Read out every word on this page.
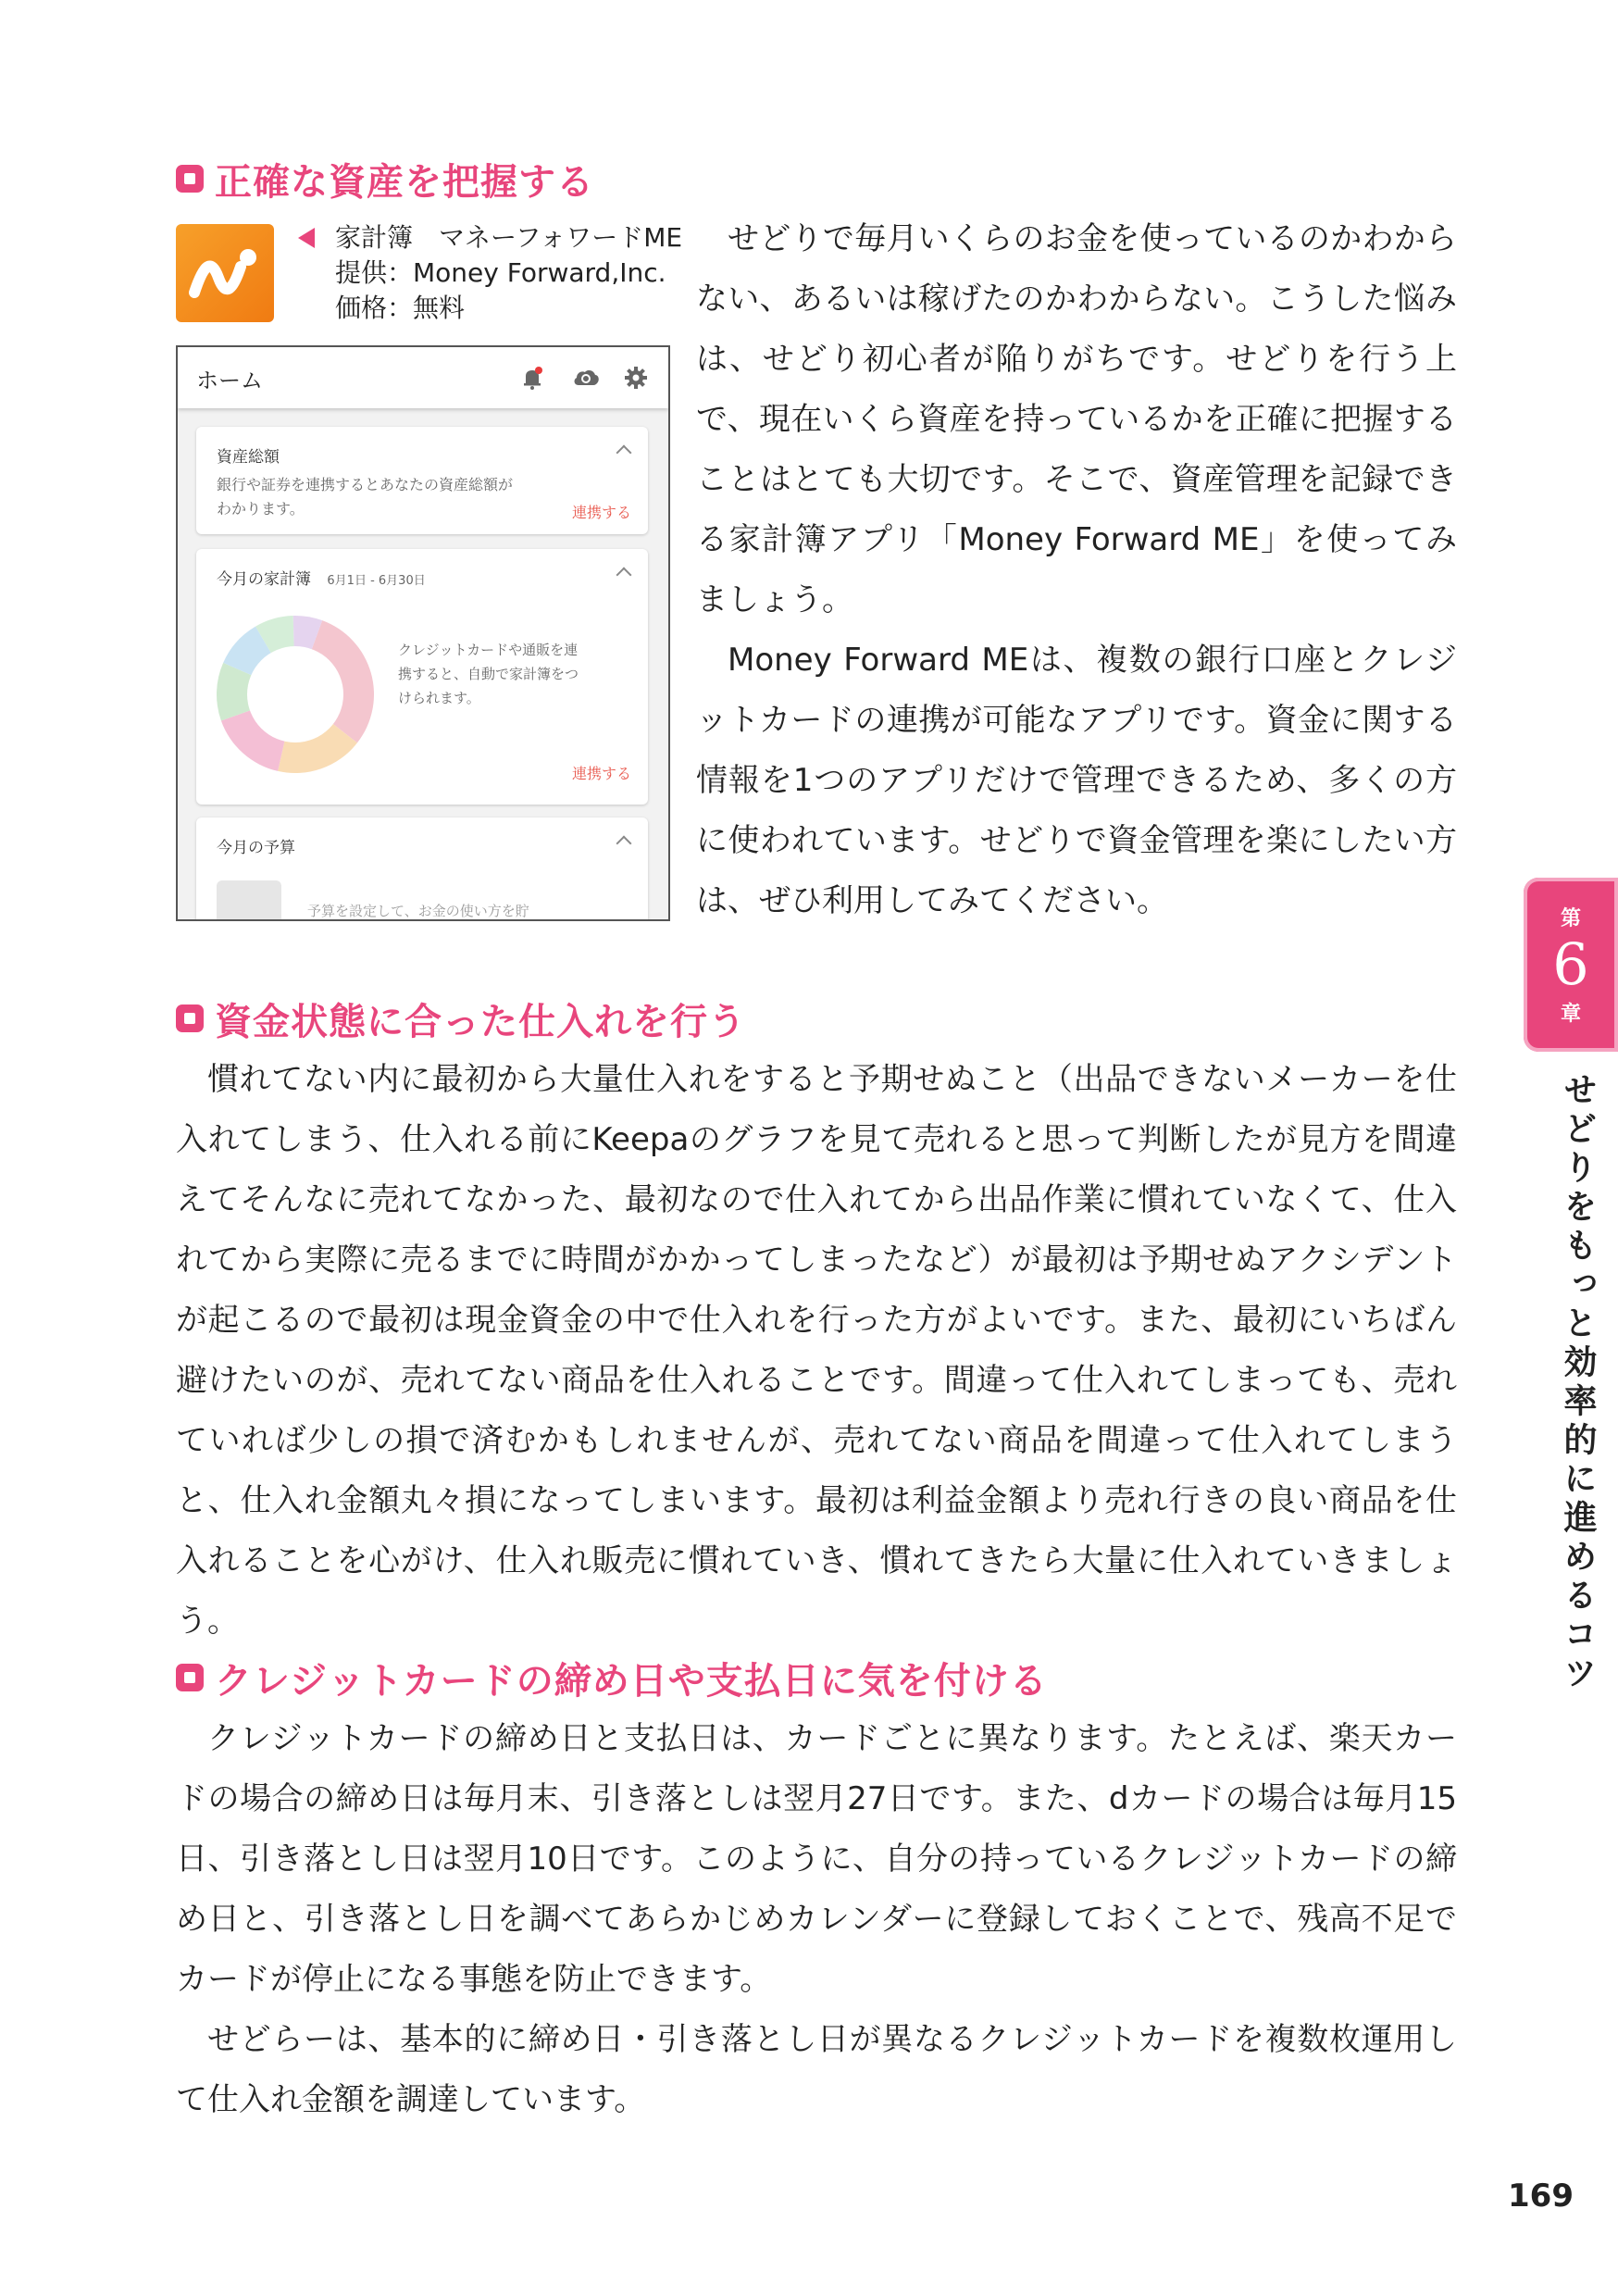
正確な資産を把握する
家計簿　マネーフォワードME
提供：Money Forward,Inc.
価格：無料
ホーム
資産総額
銀行や証券を連携するとあなたの資産総額が
わかります。	連携する
今月の家計簿 6月1日 - 6月30日
クレジットカードや通販を連
携すると、自動で家計簿をつ
けられます。
連携する
今月の予算
予算を設定して、お金の使い方を貯

せどりで毎月いくらのお金を使っているのかわからない、あるいは稼げたのかわからない。こうした悩みは、せどり初心者が陥りがちです。せどりを行う上で、現在いくら資産を持っているかを正確に把握することはとても大切です。そこで、資産管理を記録できる家計簿アプリ「Money Forward ME」を使ってみましょう。

Money Forward MEは、複数の銀行口座とクレジットカードの連携が可能なアプリです。資金に関する情報を1つのアプリだけで管理できるため、多くの方に使われています。せどりで資金管理を楽にしたい方は、ぜひ利用してみてください。

資金状態に合った仕入れを行う

慣れてない内に最初から大量仕入れをすると予期せぬこと（出品できないメーカーを仕入れてしまう、仕入れる前にKeepaのグラフを見て売れると思って判断したが見方を間違えてそんなに売れてなかった、最初なので仕入れてから出品作業に慣れていなくて、仕入れてから実際に売るまでに時間がかかってしまったなど）が最初は予期せぬアクシデントが起こるので最初は現金資金の中で仕入れを行った方がよいです。また、最初にいちばん避けたいのが、売れてない商品を仕入れることです。間違って仕入れてしまっても、売れていれば少しの損で済むかもしれませんが、売れてない商品を間違って仕入れてしまうと、仕入れ金額丸々損になってしまいます。最初は利益金額より売れ行きの良い商品を仕入れることを心がけ、仕入れ販売に慣れていき、慣れてきたら大量に仕入れていきましょう。

クレジットカードの締め日や支払日に気を付ける

クレジットカードの締め日と支払日は、カードごとに異なります。たとえば、楽天カードの場合の締め日は毎月末、引き落としは翌月27日です。また、dカードの場合は毎月15日、引き落とし日は翌月10日です。このように、自分の持っているクレジットカードの締め日と、引き落とし日を調べてあらかじめカレンダーに登録しておくことで、残高不足でカードが停止になる事態を防止できます。

せどらーは、基本的に締め日・引き落とし日が異なるクレジットカードを複数枚運用して仕入れ金額を調達しています。

第
6
章
せどりをもっと効率的に進めるコツ
169
